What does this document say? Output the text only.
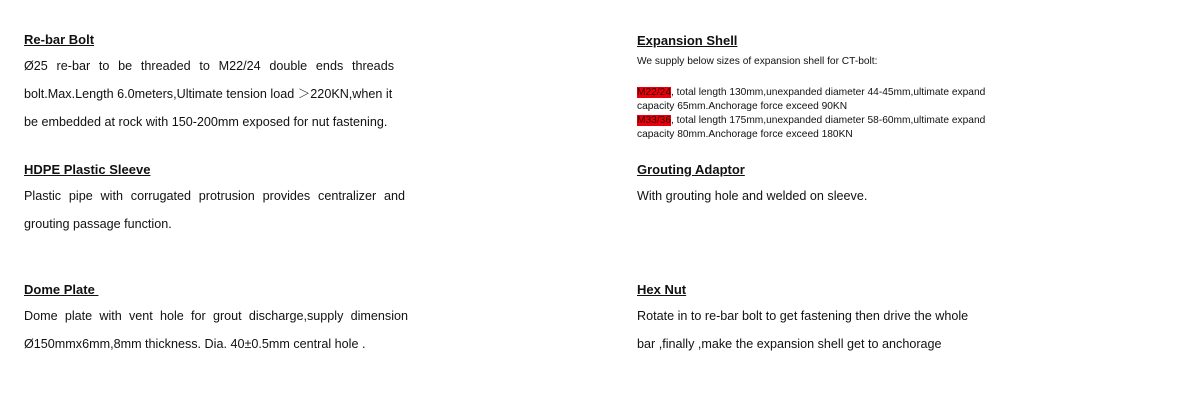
Re-bar Bolt

Ø25 re-bar to be threaded to M22/24 double ends threads
bolt.Max.Length 6.0meters,Ultimate tension load ＞220KN,when it
be embedded at rock with 150-200mm exposed for nut fastening.

HDPE Plastic Sleeve

Plastic pipe with corrugated protrusion provides centralizer and
grouting passage function.

Dome Plate

Dome plate with vent hole for grout discharge,supply dimension
Ø150mmx6mm,8mm thickness. Dia. 40±0.5mm central hole .

Expansion Shell

We supply below sizes of expansion shell for CT-bolt:

M22/24, total length 130mm,unexpanded diameter 44-45mm,ultimate expand

capacity 65mm.Anchorage force exceed 90KN

M33/36, total length 175mm,unexpanded diameter 58-60mm,ultimate expand

capacity 80mm.Anchorage force exceed 180KN

Grouting Adaptor

With grouting hole and welded on sleeve.

Hex Nut

Rotate in to re-bar bolt to get fastening then drive the whole
bar ,finally ,make the expansion shell get to anchorage
